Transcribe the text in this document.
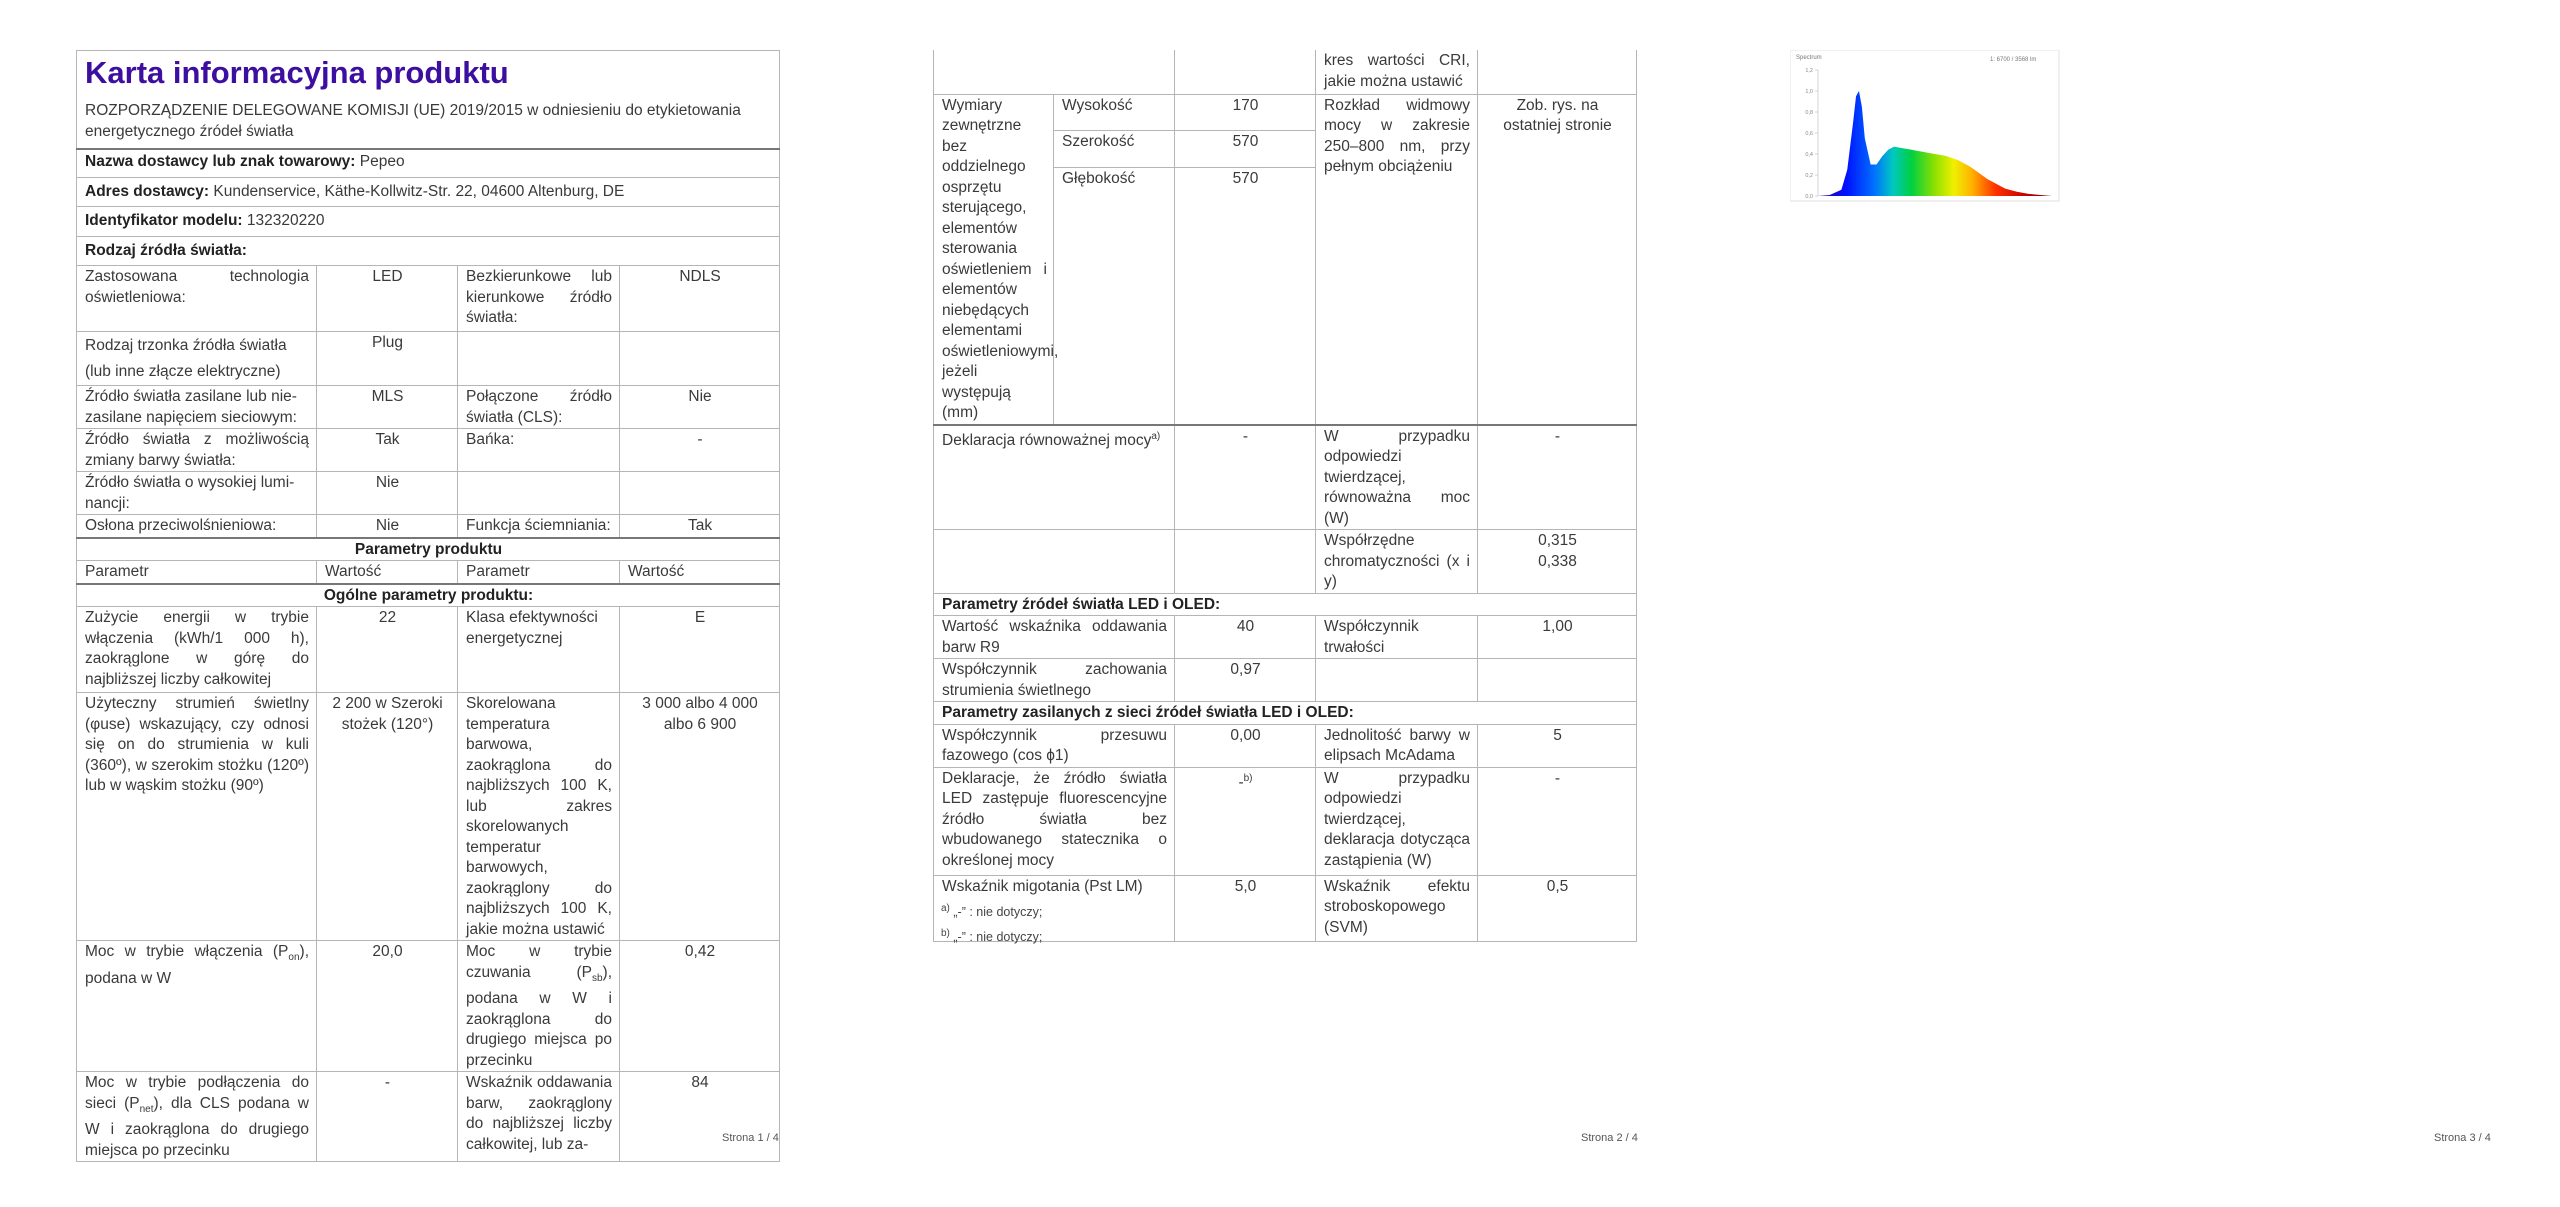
Karta informacyjna produktu
ROZPORZĄDZENIE DELEGOWANE KOMISJI (UE) 2019/2015 w odniesieniu do etykietowania energetycznego źródeł światła			

Nazwa dostawcy lub znak towarowy: Pepeo			
Adres dostawcy: Kundenservice, Käthe-Kollwitz-Str. 22, 04600 Altenburg, DE			
Identyfikator modelu: 132320220			
Rodzaj źródła światła:			
Zastosowana technologia oświetleniowa:	LED	Bezkierunkowe lub kierunkowe źródło światła:	NDLS
Rodzaj trzonka źródła światła (lub inne złącze elektryczne)	Plug		
Źródło światła zasilane lub nie-zasilane napięciem sieciowym:	MLS	Połączone źródło światła (CLS):	Nie
Źródło światła z możliwością zmiany barwy światła:	Tak	Bańka:	-
Źródło światła o wysokiej lumi-nancji:	Nie		
Osłona przeciwolśnieniowa:	Nie	Funkcja ściemniania:	Tak
Parametry produktu			
Parametr	Wartość	Parametr	Wartość
Ogólne parametry produktu:			
Zużycie energii w trybie włączenia (kWh/1 000 h), zaokrąglone w górę do najbliższej liczby całkowitej	22	Klasa efektywności energetycznej	E
Użyteczny strumień świetlny (φuse) wskazujący, czy odnosi się on do strumienia w kuli (360º), w szerokim stożku (120º) lub w wąskim stożku (90º)	2 200 w Szeroki stożek (120°)	Skorelowana temperatura barwowa, zaokrąglona do najbliższych 100 K, lub zakres skorelowanych temperatur barwowych, zaokrąglony do najbliższych 100 K, jakie można ustawić	3 000 albo 4 000 albo 6 900
Moc w trybie włączenia $(P_{on})$, podana w W	20,0	Moc w trybie czuwania $(P_{sb})$, podana w W i zaokrąglona do drugiego miejsca po przecinku	0,42
Moc w trybie podłączenia do sieci $(P_{net})$, dla CLS podana w W i zaokrąglona do drugiego miejsca po przecinku	-	Wskaźnik oddawania barw, zaokrąglony do najbliższej liczby całkowitej, lub za-	84
Strona 1 / 4
			kres wartości CRI, jakie można ustawić	
Wymiary zewnętrzne bez oddzielnego osprzętu sterującego, elementów sterowania oświetleniem i elementów niebędących elementami oświetleniowymi, jeżeli występują (mm)	Wysokość	170	Rozkład widmowy mocy w zakresie 250–800 nm, przy pełnym obciążeniu	Zob. rys. na ostatniej stronie
	Szerokość	570		
	Głębokość	570		
Deklaracja równoważnej mocy$^{a)}$		-	W przypadku odpowiedzi twierdzącej, równoważna moc (W)	-
			Współrzędne chromatyczności (x i y)	0,315
0,338

Parametry źródeł światła LED i OLED:				
Wartość wskaźnika oddawania barw R9		40	Współczynnik trwałości	1,00
Współczynnik zachowania strumienia świetlnego		0,97		
Parametry zasilanych z sieci źródeł światła LED i OLED:				
Współczynnik przesuwu fazowego (cos ϕ1)		0,00	Jednolitość barwy w elipsach McAdama	5
Deklaracje, że źródło światła LED zastępuje fluorescencyjne źródło światła bez wbudowanego statecznika o określonej mocy		-$^{b)}$	W przypadku odpowiedzi twierdzącej, deklaracja dotycząca zastąpienia (W)	-
Wskaźnik migotania (Pst LM)		5,0	Wskaźnik efektu stroboskopowego (SVM)	0,5
$^{a)}$ „-” : nie dotyczy;
$^{b)}$ „-” : nie dotyczy;
Strona 2 / 4
Spectrum	1: 6700 / 3568 lm
1,2
1,0
0,8
0,6
0,4
0,2
0,0
Strona 3 / 4
